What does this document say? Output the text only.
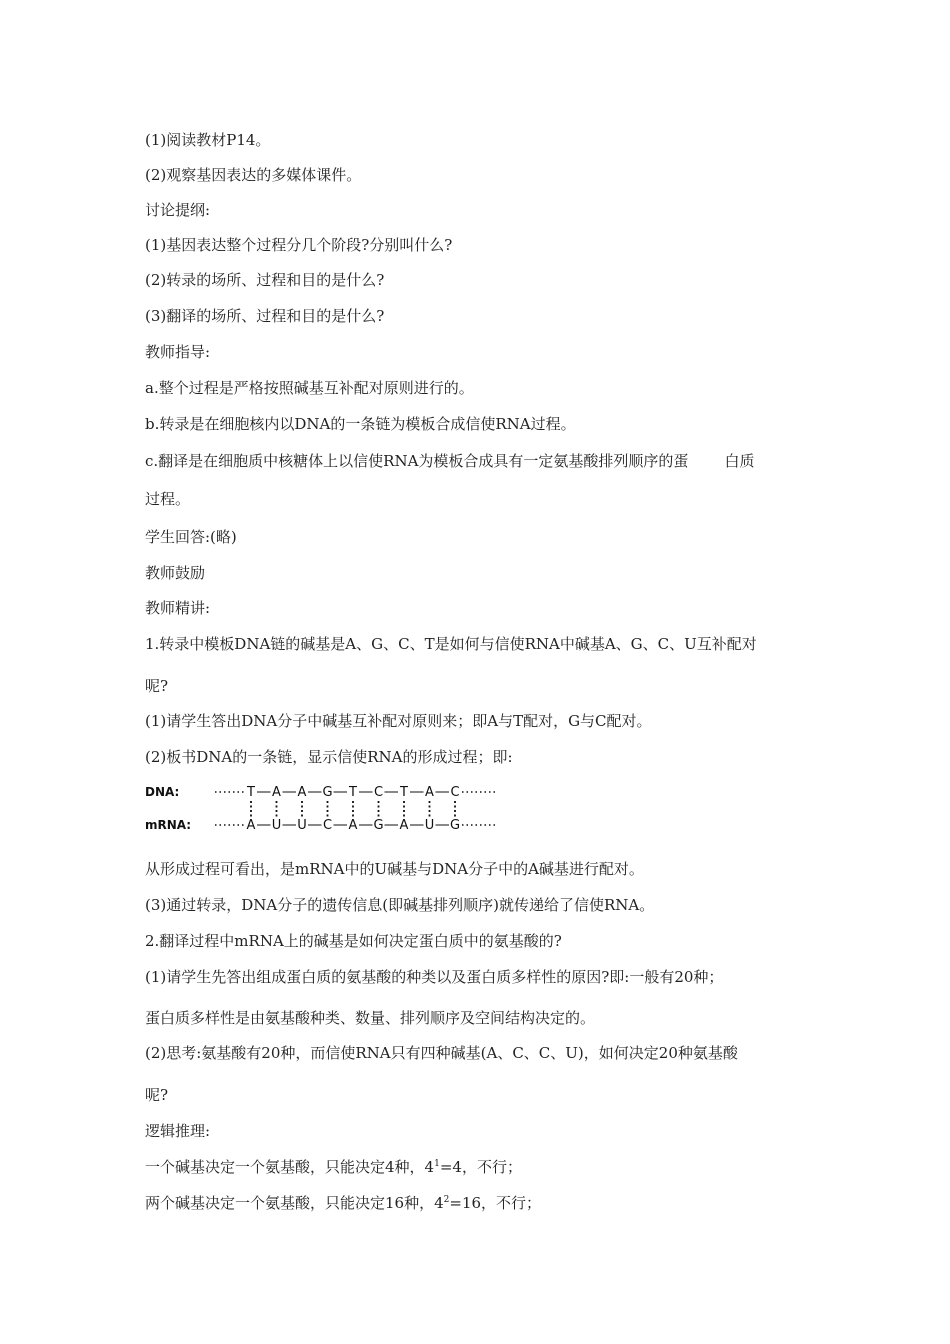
(1)阅读教材P14。
(2)观察基因表达的多媒体课件。
讨论提纲:
(1)基因表达整个过程分几个阶段?分别叫什么?
(2)转录的场所、过程和目的是什么?
(3)翻译的场所、过程和目的是什么?
教师指导:
a.整个过程是严格按照碱基互补配对原则进行的。
b.转录是在细胞核内以DNA的一条链为模板合成信使RNA过程。
c.翻译是在细胞质中核糖体上以信使RNA为模板合成具有一定氨基酸排列顺序的蛋 白质
过程。
学生回答:(略)
教师鼓励
教师精讲:
1.转录中模板DNA链的碱基是A、G、C、T是如何与信使RNA中碱基A、G、C、U互补配对
呢?
(1)请学生答出DNA分子中碱基互补配对原则来；即A与T配对，G与C配对。
(2)板书DNA的一条链，显示信使RNA的形成过程；即:
DNA:
mRNA:
T A A G T C T A C
A U U C A G A U G
从形成过程可看出，是mRNA中的U碱基与DNA分子中的A碱基进行配对。
(3)通过转录，DNA分子的遗传信息(即碱基排列顺序)就传递给了信使RNA。
2.翻译过程中mRNA上的碱基是如何决定蛋白质中的氨基酸的?
(1)请学生先答出组成蛋白质的氨基酸的种类以及蛋白质多样性的原因?即:一般有20种；
蛋白质多样性是由氨基酸种类、数量、排列顺序及空间结构决定的。
(2)思考:氨基酸有20种，而信使RNA只有四种碱基(A、C、C、U)，如何决定20种氨基酸
呢?
逻辑推理:
一个碱基决定一个氨基酸，只能决定4种，$4^1=4$，不行；
两个碱基决定一个氨基酸，只能决定16种，$4^2=16$，不行；
